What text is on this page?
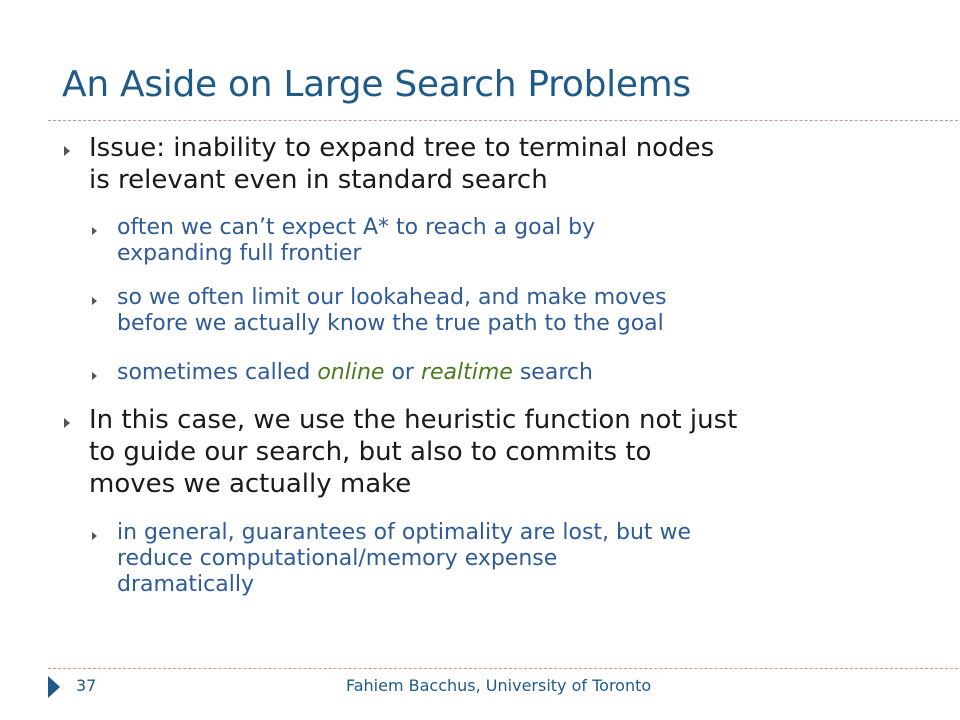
An Aside on Large Search Problems
Issue: inability to expand tree to terminal nodes
is relevant even in standard search
often we can’t expect A* to reach a goal by
expanding full frontier
so we often limit our lookahead, and make moves
before we actually know the true path to the goal
sometimes called online or realtime search
In this case, we use the heuristic function not just
to guide our search, but also to commits to
moves we actually make
in general, guarantees of optimality are lost, but we
reduce computational/memory expense
dramatically
37	Fahiem Bacchus, University of Toronto
